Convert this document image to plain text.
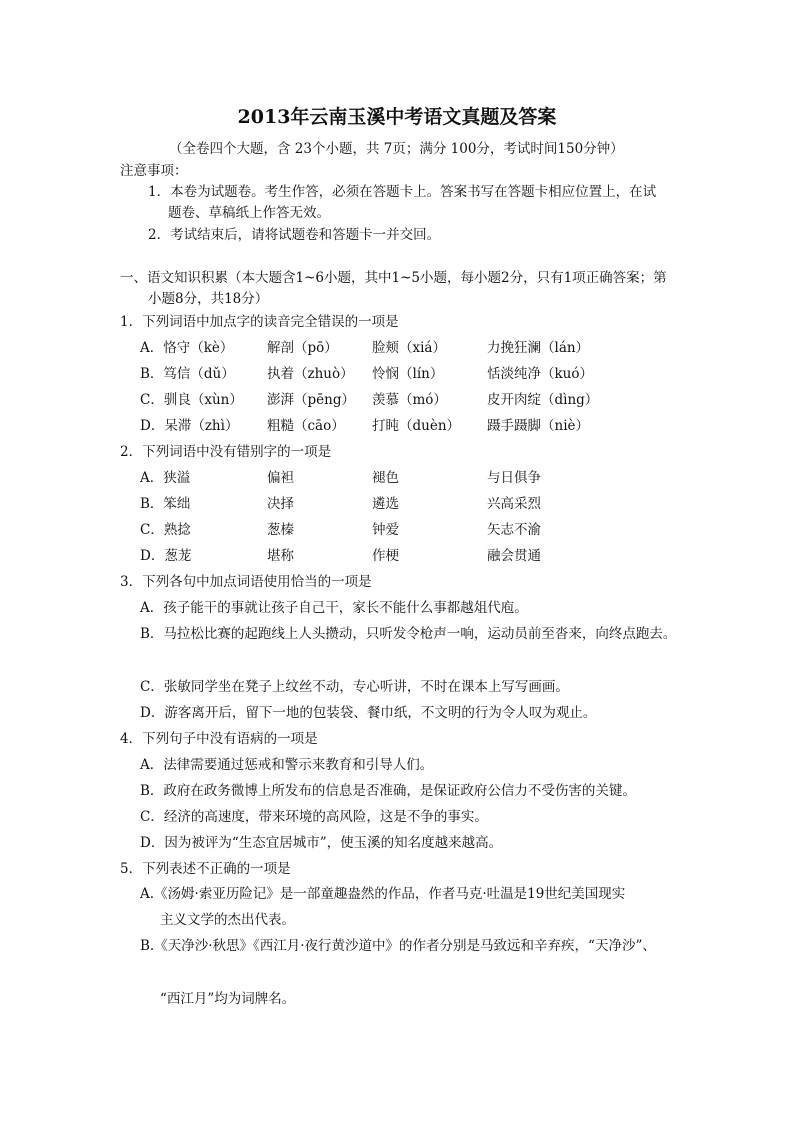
2013年云南玉溪中考语文真题及答案
（全卷四个大题，含 23个小题，共 7页；满分 100分，考试时间150分钟）
注意事项：
1．本卷为试题卷。考生作答，必须在答题卡上。答案书写在答题卡相应位置上，在试
题卷、草稿纸上作答无效。
2．考试结束后，请将试题卷和答题卡一并交回。
一、语文知识积累（本大题含1~6小题，其中1~5小题，每小题2分，只有1项正确答案；第
小题8分，共18分）
1．下列词语中加点字的读音完全错误的一项是
A．恪守（kè） 解剖（pō）	脸颊（xiá）	力挽狂澜（lán）
B．笃信（dǔ） 执着（zhuò） 怜悯（lín）	恬淡纯净（kuó）
C．驯良（xùn） 澎湃（pēng） 羡慕（mó）	皮开肉绽（dìng）
D．呆滞（zhì） 粗糙（cāo） 打盹（duèn） 蹑手蹑脚（niè）
2．下列词语中没有错别字的一项是
A．狭溢	偏袒	褪色	与日俱争
B．笨绌	决择	遴选	兴高采烈
C．熟捻	葱榛	钟爱	矢志不渝
D．葱茏	堪称	作梗	融会贯通
3．下列各句中加点词语使用恰当的一项是
A．孩子能干的事就让孩子自己干，家长不能什么事都越俎代庖。
B．马拉松比赛的起跑线上人头攒动，只听发令枪声一响，运动员前至沓来，向终点跑去。
C．张敏同学坐在凳子上纹丝不动，专心听讲，不时在课本上写写画画。
D．游客离开后，留下一地的包装袋、餐巾纸，不文明的行为令人叹为观止。
4．下列句子中没有语病的一项是
A．法律需要通过惩戒和警示来教育和引导人们。
B．政府在政务微博上所发布的信息是否准确，是保证政府公信力不受伤害的关键。
C．经济的高速度，带来环境的高风险，这是不争的事实。
D．因为被评为“生态宜居城市”，使玉溪的知名度越来越高。
5．下列表述不正确的一项是
A.《汤姆·索亚历险记》是一部童趣盎然的作品，作者马克·吐温是19世纪美国现实
主义文学的杰出代表。
B.《天净沙·秋思》《西江月·夜行黄沙道中》的作者分别是马致远和辛弃疾，“天净沙”、
“西江月”均为词牌名。
